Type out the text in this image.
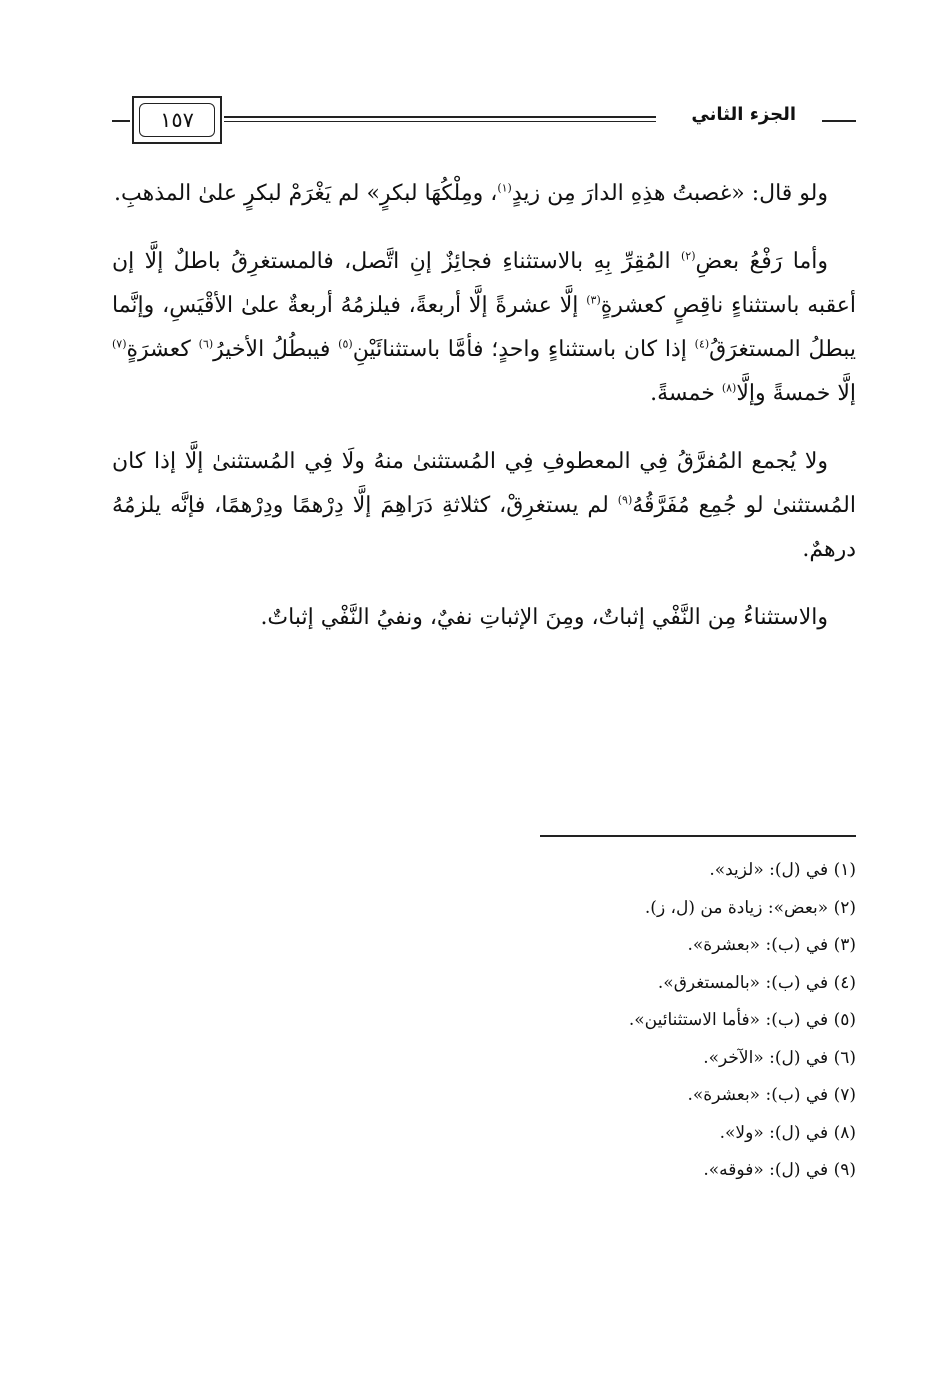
الجزء الثاني
١٥٧

ولو قال: «غصبتُ هذِهِ الدارَ مِن زيدٍ$^{(١)}$، ومِلْكُهَا لبكرٍ» لم يَغْرَمْ لبكرٍ علىٰ المذهبِ.

وأما رَفْعُ بعضِ$^{(٢)}$ المُقِرِّ بِهِ بالاستثناءِ فجائِزٌ إنِ اتَّصل، فالمستغرِقُ باطلٌ إلَّا إن أعقبه باستثناءٍ ناقِصٍ كعشرةٍ$^{(٣)}$ إلَّا عشرةً إلَّا أربعةً، فيلزمُهُ أربعةٌ علىٰ الأقْيَسِ، وإنَّما يبطلُ المستغرَقُ$^{(٤)}$ إذا كان باستثناءٍ واحدٍ؛ فأمَّا باستثنائَيْنِ$^{(٥)}$ فيبطُلُ الأخيرُ$^{(٦)}$ كعشرَةٍ$^{(٧)}$ إلَّا خمسةً وإلَّا$^{(٨)}$ خمسةً.

ولا يُجمع المُفرَّقُ فِي المعطوفِ فِي المُستثنىٰ منهُ ولَا فِي المُستثنىٰ إلَّا إذا كان المُستثنىٰ لو جُمِع مُفَرَّقُهُ$^{(٩)}$ لم يستغرِقْ، كثلاثةِ دَرَاهِمَ إلَّا دِرْهمًا ودِرْهمًا، فإنَّه يلزمُهُ درهمٌ.

والاستثناءُ مِن النَّفْي إثباتٌ، ومِنَ الإثباتِ نفيٌ، ونفيُ النَّفْي إثباتٌ.

(١) في (ل): «لزيد».
(٢) «بعض»: زيادة من (ل، ز).
(٣) في (ب): «بعشرة».
(٤) في (ب): «بالمستغرق».
(٥) في (ب): «فأما الاستثنائين».
(٦) في (ل): «الآخر».
(٧) في (ب): «بعشرة».
(٨) في (ل): «ولا».
(٩) في (ل): «فوقه».
